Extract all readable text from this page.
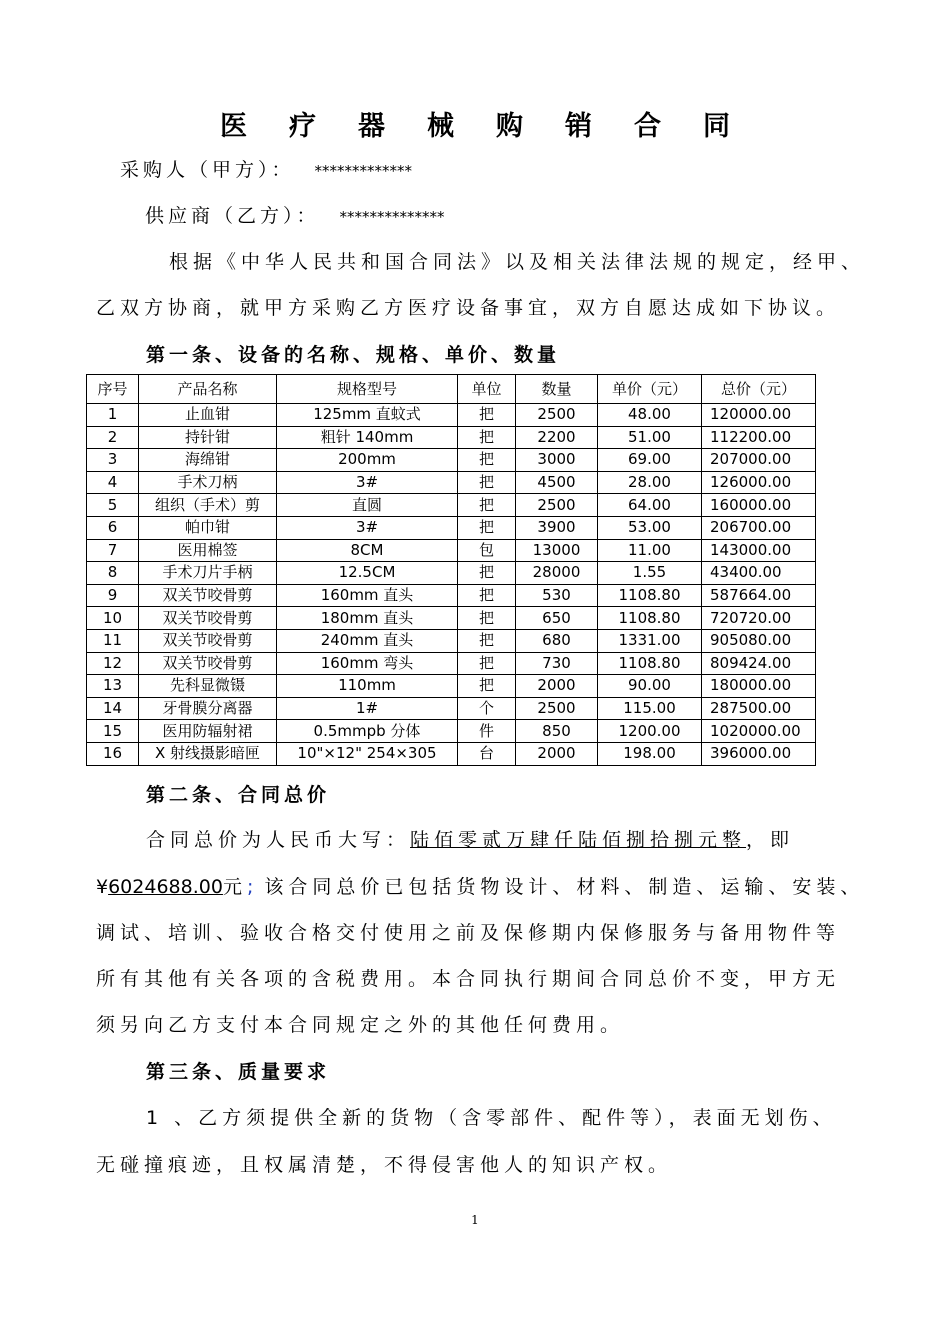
医 疗 器 械 购 销 合 同
采购人（甲方）： *************
供应商（乙方）： **************
根据《中华人民共和国合同法》以及相关法律法规的规定，经甲、
乙双方协商，就甲方采购乙方医疗设备事宜，双方自愿达成如下协议。
第一条、设备的名称、规格、单价、数量
序号	产品名称	规格型号	单位	数量	单价（元）	总价（元）
1	止血钳	125mm 直蚊式	把	2500	48.00	120000.00
2	持针钳	粗针 140mm	把	2200	51.00	112200.00
3	海绵钳	200mm	把	3000	69.00	207000.00
4	手术刀柄	3#	把	4500	28.00	126000.00
5	组织（手术）剪	直圆	把	2500	64.00	160000.00
6	帕巾钳	3#	把	3900	53.00	206700.00
7	医用棉签	8CM	包	13000	11.00	143000.00
8	手术刀片手柄	12.5CM	把	28000	1.55	43400.00
9	双关节咬骨剪	160mm 直头	把	530	1108.80	587664.00
10	双关节咬骨剪	180mm 直头	把	650	1108.80	720720.00
11	双关节咬骨剪	240mm 直头	把	680	1331.00	905080.00
12	双关节咬骨剪	160mm 弯头	把	730	1108.80	809424.00
13	先科显微镊	110mm	把	2000	90.00	180000.00
14	牙骨膜分离器	1#	个	2500	115.00	287500.00
15	医用防辐射裙	0.5mmpb 分体	件	850	1200.00	1020000.00
16	X 射线摄影暗匣	10"×12" 254×305	台	2000	198.00	396000.00
第二条、合同总价
合同总价为人民币大写：陆佰零贰万肆仟陆佰捌拾捌元整，即
¥6024688.00元; 该合同总价已包括货物设计、材料、制造、运输、安装、
调试、培训、验收合格交付使用之前及保修期内保修服务与备用物件等
所有其他有关各项的含税费用。本合同执行期间合同总价不变，甲方无
须另向乙方支付本合同规定之外的其他任何费用。
第三条、质量要求
1 、乙方须提供全新的货物（含零部件、配件等），表面无划伤、
无碰撞痕迹，且权属清楚，不得侵害他人的知识产权。
1
